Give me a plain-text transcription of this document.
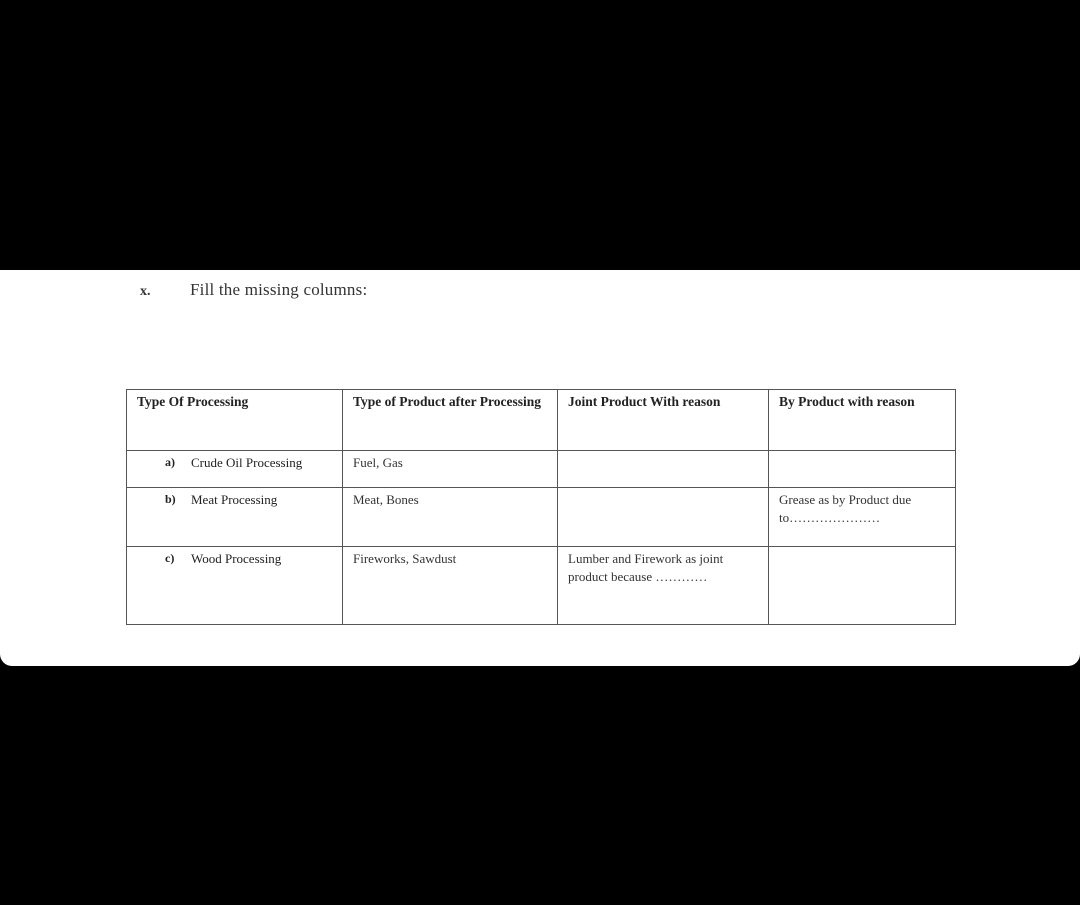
x.	Fill the missing columns:
Type Of Processing	Type of Product after Processing	Joint Product With reason	By Product with reason

a) Crude Oil Processing	Fuel, Gas		

b) Meat Processing	Meat, Bones		Grease as by Product due to…………………

c) Wood Processing	Fireworks, Sawdust	Lumber and Firework as joint product because …………	
